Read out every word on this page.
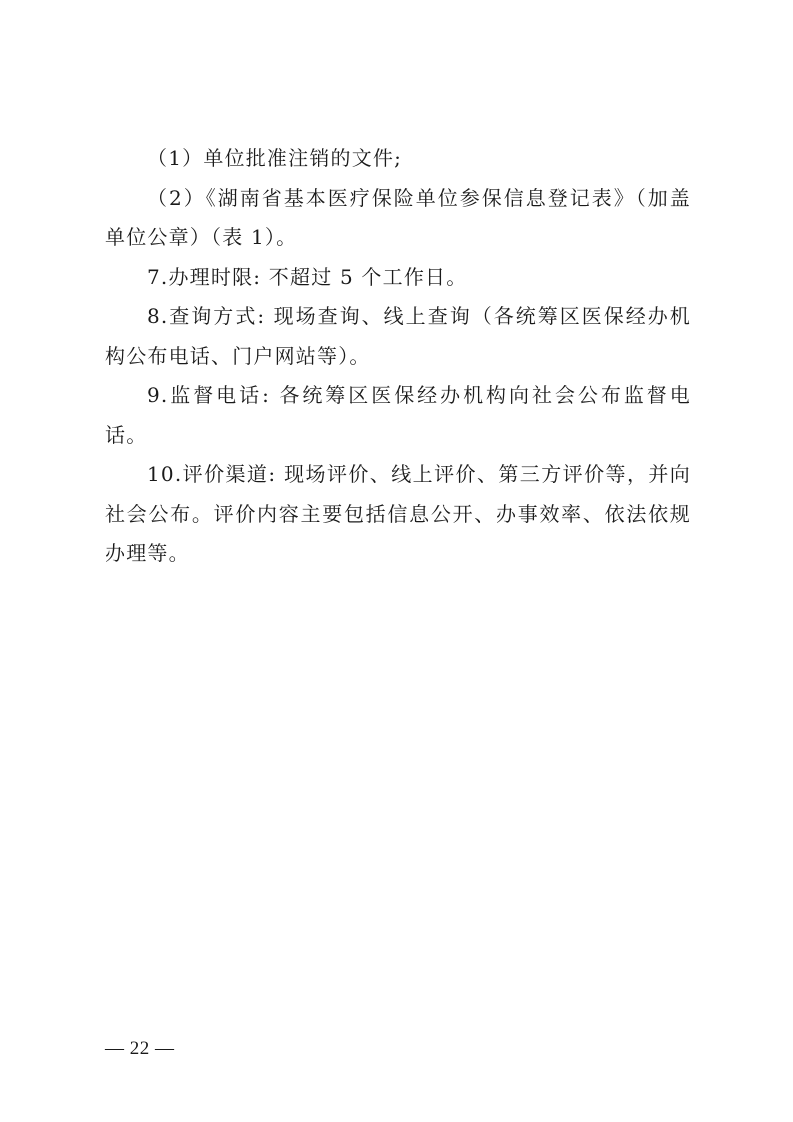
（1）单位批准注销的文件;

（2）《湖南省基本医疗保险单位参保信息登记表》（加盖单位公章）（表 1）。

7.办理时限: 不超过 5 个工作日。

8.查询方式: 现场查询、线上查询（各统筹区医保经办机构公布电话、门户网站等）。

9.监督电话: 各统筹区医保经办机构向社会公布监督电话。

10.评价渠道: 现场评价、线上评价、第三方评价等，并向社会公布。评价内容主要包括信息公开、办事效率、依法依规办理等。

— 22 —
